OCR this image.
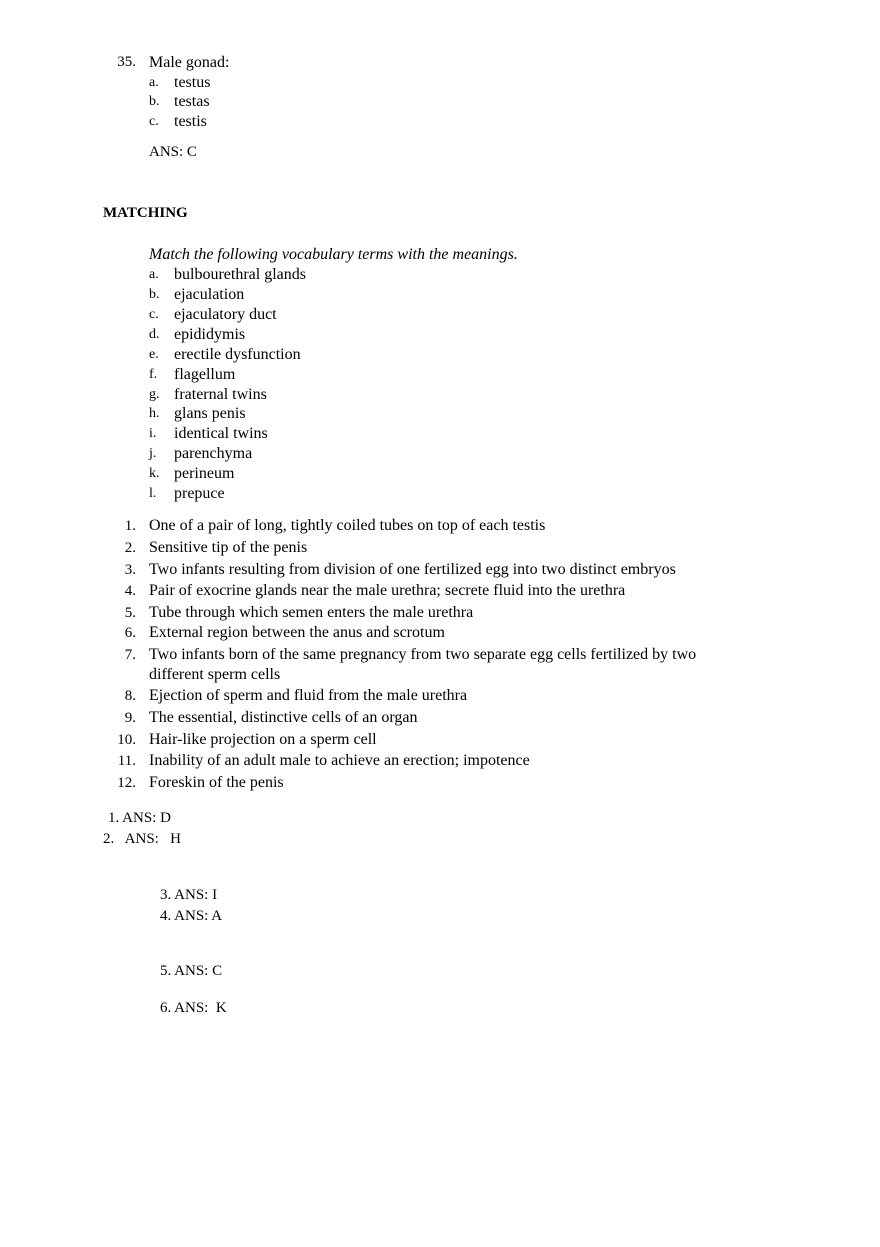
35. Male gonad:
a. testus
b. testas
c. testis
ANS: C
MATCHING
Match the following vocabulary terms with the meanings.
a. bulbourethral glands
b. ejaculation
c. ejaculatory duct
d. epididymis
e. erectile dysfunction
f. flagellum
g. fraternal twins
h. glans penis
i. identical twins
j. parenchyma
k. perineum
l. prepuce
1. One of a pair of long, tightly coiled tubes on top of each testis
2. Sensitive tip of the penis
3. Two infants resulting from division of one fertilized egg into two distinct embryos
4. Pair of exocrine glands near the male urethra; secrete fluid into the urethra
5. Tube through which semen enters the male urethra
6. External region between the anus and scrotum
7. Two infants born of the same pregnancy from two separate egg cells fertilized by two
different sperm cells
8. Ejection of sperm and fluid from the male urethra
9. The essential, distinctive cells of an organ
10. Hair-like projection on a sperm cell
11. Inability of an adult male to achieve an erection; impotence
12. Foreskin of the penis
1. ANS: D
2.   ANS:   H
3. ANS: I
4. ANS: A
5. ANS: C
6. ANS:  K
